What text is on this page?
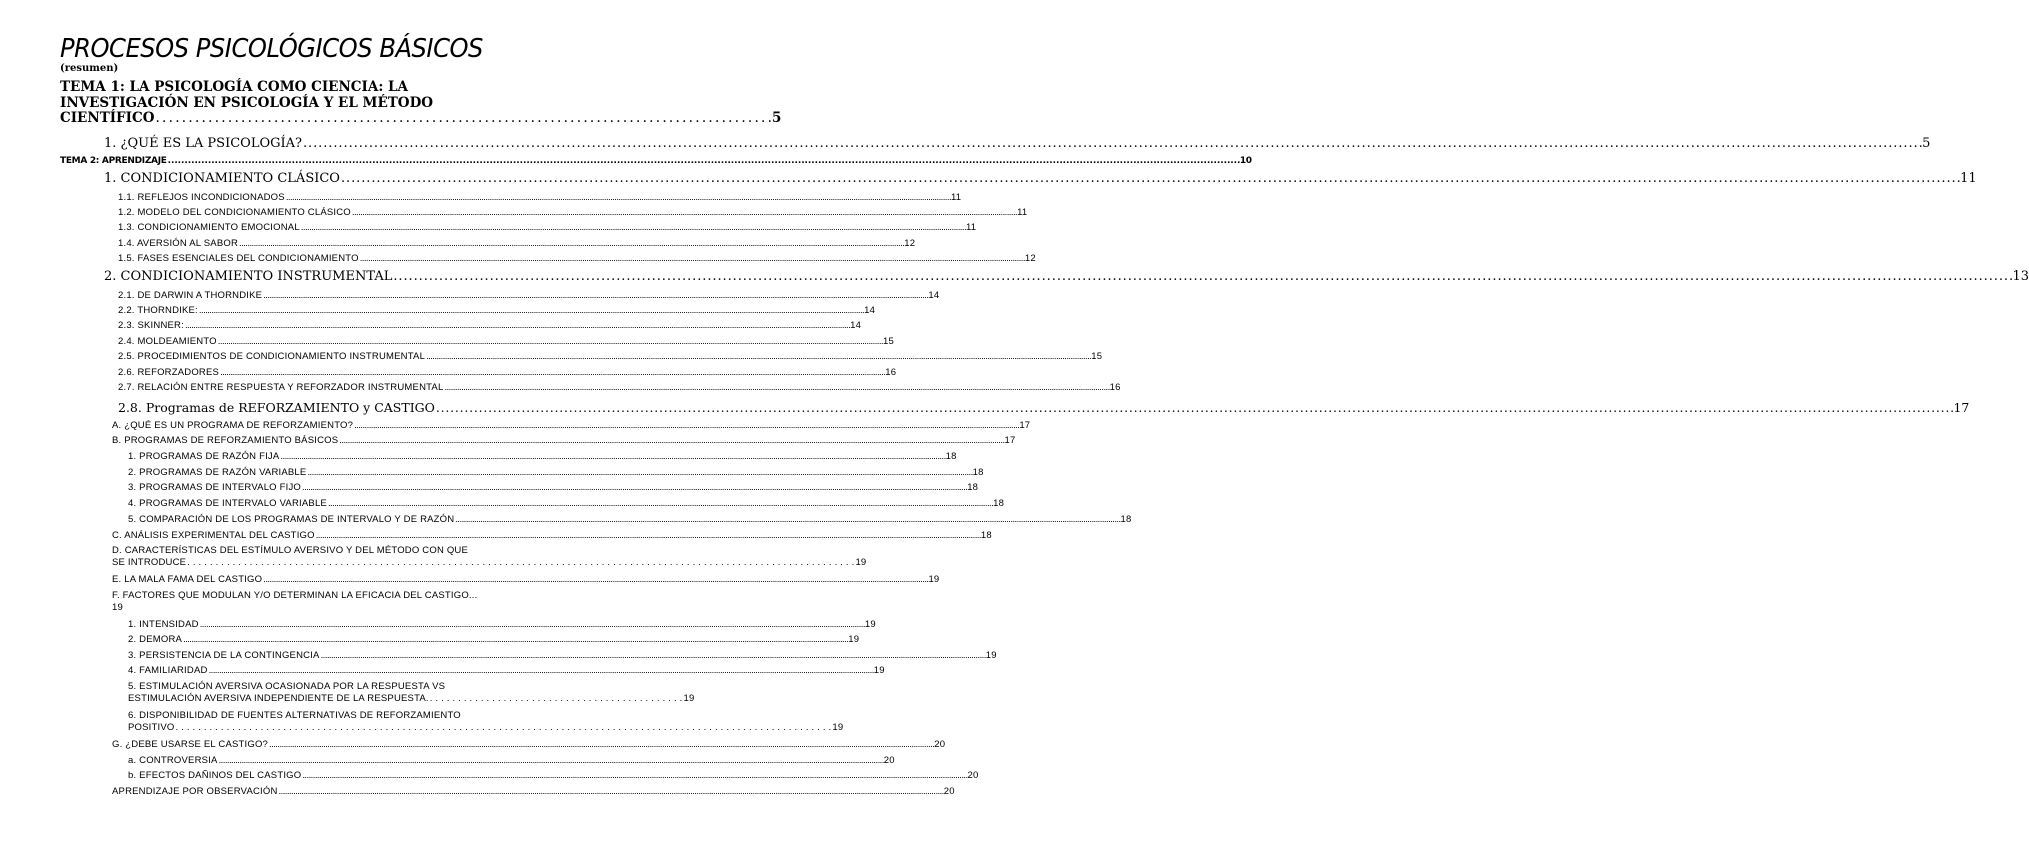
PROCESOS PSICOLÓGICOS BÁSICOS
(resumen)
TEMA 1: LA PSICOLOGÍA COMO CIENCIA: LA
INVESTIGACIÓN EN PSICOLOGÍA Y EL MÉTODO
CIENTÍFICO . . . . . . . . . . . . . . . . . . . . . . . . . . . . . . . . . . . . . . . . . . . . . . . . . . . . . . . . . . . . . . . . . . . . . . . . . . . . . . . . . . . . . . . . . . . . . . 5
1. ¿QUÉ ES LA PSICOLOGÍA? . . .	5
TEMA 2: APRENDIZAJE . . .	10
1. CONDICIONAMIENTO CLÁSICO . . .	11
1.1. REFLEJOS INCONDICIONADOS . . .	11
1.2. MODELO DEL CONDICIONAMIENTO CLÁSICO . . .	11
1.3. CONDICIONAMIENTO EMOCIONAL . . .	11
1.4. AVERSIÓN AL SABOR . . .	12
1.5. FASES ESENCIALES DEL CONDICIONAMIENTO . . .	12
2. CONDICIONAMIENTO INSTRUMENTAL . . .	13
2.1. DE DARWIN A THORNDIKE . . .	14
2.2. THORNDIKE: . . .	14
2.3. SKINNER: . . .	14
2.4. MOLDEAMIENTO . . .	15
2.5. PROCEDIMIENTOS DE CONDICIONAMIENTO INSTRUMENTAL . . .	15
2.6. REFORZADORES . . .	16
2.7. RELACIÓN ENTRE RESPUESTA Y REFORZADOR INSTRUMENTAL . . .	16
2.8. Programas de REFORZAMIENTO y CASTIGO . . .	17
A. ¿QUÉ ES UN PROGRAMA DE REFORZAMIENTO? . . .	17
B. PROGRAMAS DE REFORZAMIENTO BÁSICOS . . .	17
1. PROGRAMAS DE RAZÓN FIJA . . .	18
2. PROGRAMAS DE RAZÓN VARIABLE . . .	18
3. PROGRAMAS DE INTERVALO FIJO . . .	18
4. PROGRAMAS DE INTERVALO VARIABLE . . .	18
5. COMPARACIÓN DE LOS PROGRAMAS DE INTERVALO Y DE RAZÓN . . .	18
C. ANÁLISIS EXPERIMENTAL DEL CASTIGO . . .	18
D. CARACTERÍSTICAS DEL ESTÍMULO AVERSIVO Y DEL MÉTODO CON QUE
SE INTRODUCE . . . . . . . . . . . . . . . . . . . . . . . . . . . . . . . . . . . . . . . . . . . . . . . . . . . . . . . . . . . . . . . . . . . . . . . . . . . . . . . . . . . . . . . . . . . . . . . . . . . . . . . . . . . . . . . . . . . . . . 19
E. LA MALA FAMA DEL CASTIGO . . .	19
F. FACTORES QUE MODULAN Y/O DETERMINAN LA EFICACIA DEL CASTIGO...
19
1. INTENSIDAD . . .	19
2. DEMORA . . .	19
3. PERSISTENCIA DE LA CONTINGENCIA . . .	19
4. FAMILIARIDAD . . .	19
5. ESTIMULACIÓN AVERSIVA OCASIONADA POR LA RESPUESTA VS
ESTIMULACIÓN AVERSIVA INDEPENDIENTE DE LA RESPUESTA. . . . . . . . . . . . . . . . . . . . . . . . . . . . . . . . . . . . . . . . . . . . . . 19
6. DISPONIBILIDAD DE FUENTES ALTERNATIVAS DE REFORZAMIENTO
POSITIVO . . . . . . . . . . . . . . . . . . . . . . . . . . . . . . . . . . . . . . . . . . . . . . . . . . . . . . . . . . . . . . . . . . . . . . . . . . . . . . . . . . . . . . . . . . . . . . . . . . . . . . . . . . . . . . . . . . . . 19
G. ¿DEBE USARSE EL CASTIGO? . . .	20
a. CONTROVERSIA . . .	20
b. EFECTOS DAÑINOS DEL CASTIGO . . .	20
APRENDIZAJE POR OBSERVACIÓN . . .	20
